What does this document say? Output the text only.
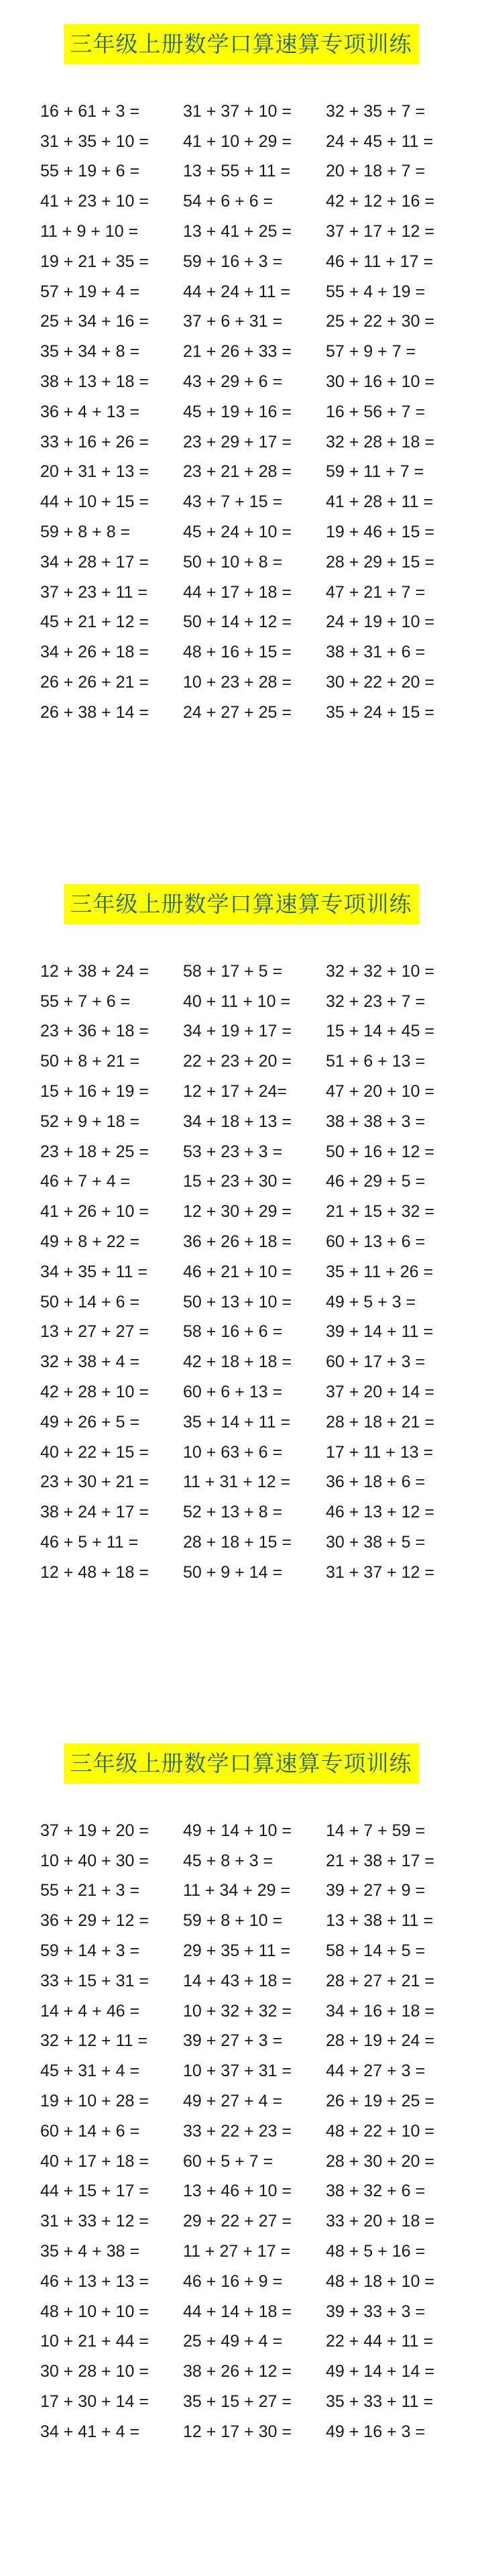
三年级上册数学口算速算专项训练
16 + 61 + 3 =	31 + 37 + 10 =	32 + 35 + 7 =
31 + 35 + 10 =	41 + 10 + 29 =	24 + 45 + 11 =
55 + 19 + 6 =	13 + 55 + 11 =	20 + 18 + 7 =
41 + 23 + 10 =	54 + 6 + 6 =	42 + 12 + 16 =
11 + 9 + 10 =	13 + 41 + 25 =	37 + 17 + 12 =
19 + 21 + 35 =	59 + 16 + 3 =	46 + 11 + 17 =
57 + 19 + 4 =	44 + 24 + 11 =	55 + 4 + 19 =
25 + 34 + 16 =	37 + 6 + 31 =	25 + 22 + 30 =
35 + 34 + 8 =	21 + 26 + 33 =	57 + 9 + 7 =
38 + 13 + 18 =	43 + 29 + 6 =	30 + 16 + 10 =
36 + 4 + 13 =	45 + 19 + 16 =	16 + 56 + 7 =
33 + 16 + 26 =	23 + 29 + 17 =	32 + 28 + 18 =
20 + 31 + 13 =	23 + 21 + 28 =	59 + 11 + 7 =
44 + 10 + 15 =	43 + 7 + 15 =	41 + 28 + 11 =
59 + 8 + 8 =	45 + 24 + 10 =	19 + 46 + 15 =
34 + 28 + 17 =	50 + 10 + 8 =	28 + 29 + 15 =
37 + 23 + 11 =	44 + 17 + 18 =	47 + 21 + 7 =
45 + 21 + 12 =	50 + 14 + 12 =	24 + 19 + 10 =
34 + 26 + 18 =	48 + 16 + 15 =	38 + 31 + 6 =
26 + 26 + 21 =	10 + 23 + 28 =	30 + 22 + 20 =
26 + 38 + 14 =	24 + 27 + 25 =	35 + 24 + 15 =
三年级上册数学口算速算专项训练
12 + 38 + 24 =	58 + 17 + 5 =	32 + 32 + 10 =
55 + 7 + 6 =	40 + 11 + 10 =	32 + 23 + 7 =
23 + 36 + 18 =	34 + 19 + 17 =	15 + 14 + 45 =
50 + 8 + 21 =	22 + 23 + 20 =	51 + 6 + 13 =
15 + 16 + 19 =	12 + 17 + 24=	47 + 20 + 10 =
52 + 9 + 18 =	34 + 18 + 13 =	38 + 38 + 3 =
23 + 18 + 25 =	53 + 23 + 3 =	50 + 16 + 12 =
46 + 7 + 4 =	15 + 23 + 30 =	46 + 29 + 5 =
41 + 26 + 10 =	12 + 30 + 29 =	21 + 15 + 32 =
49 + 8 + 22 =	36 + 26 + 18 =	60 + 13 + 6 =
34 + 35 + 11 =	46 + 21 + 10 =	35 + 11 + 26 =
50 + 14 + 6 =	50 + 13 + 10 =	49 + 5 + 3 =
13 + 27 + 27 =	58 + 16 + 6 =	39 + 14 + 11 =
32 + 38 + 4 =	42 + 18 + 18 =	60 + 17 + 3 =
42 + 28 + 10 =	60 + 6 + 13 =	37 + 20 + 14 =
49 + 26 + 5 =	35 + 14 + 11 =	28 + 18 + 21 =
40 + 22 + 15 =	10 + 63 + 6 =	17 + 11 + 13 =
23 + 30 + 21 =	11 + 31 + 12 =	36 + 18 + 6 =
38 + 24 + 17 =	52 + 13 + 8 =	46 + 13 + 12 =
46 + 5 + 11 =	28 + 18 + 15 =	30 + 38 + 5 =
12 + 48 + 18 =	50 + 9 + 14 =	31 + 37 + 12 =
三年级上册数学口算速算专项训练
37 + 19 + 20 =	49 + 14 + 10 =	14 + 7 + 59 =
10 + 40 + 30 =	45 + 8 + 3 =	21 + 38 + 17 =
55 + 21 + 3 =	11 + 34 + 29 =	39 + 27 + 9 =
36 + 29 + 12 =	59 + 8 + 10 =	13 + 38 + 11 =
59 + 14 + 3 =	29 + 35 + 11 =	58 + 14 + 5 =
33 + 15 + 31 =	14 + 43 + 18 =	28 + 27 + 21 =
14 + 4 + 46 =	10 + 32 + 32 =	34 + 16 + 18 =
32 + 12 + 11 =	39 + 27 + 3 =	28 + 19 + 24 =
45 + 31 + 4 =	10 + 37 + 31 =	44 + 27 + 3 =
19 + 10 + 28 =	49 + 27 + 4 =	26 + 19 + 25 =
60 + 14 + 6 =	33 + 22 + 23 =	48 + 22 + 10 =
40 + 17 + 18 =	60 + 5 + 7 =	28 + 30 + 20 =
44 + 15 + 17 =	13 + 46 + 10 =	38 + 32 + 6 =
31 + 33 + 12 =	29 + 22 + 27 =	33 + 20 + 18 =
35 + 4 + 38 =	11 + 27 + 17 =	48 + 5 + 16 =
46 + 13 + 13 =	46 + 16 + 9 =	48 + 18 + 10 =
48 + 10 + 10 =	44 + 14 + 18 =	39 + 33 + 3 =
10 + 21 + 44 =	25 + 49 + 4 =	22 + 44 + 11 =
30 + 28 + 10 =	38 + 26 + 12 =	49 + 14 + 14 =
17 + 30 + 14 =	35 + 15 + 27 =	35 + 33 + 11 =
34 + 41 + 4 =	12 + 17 + 30 =	49 + 16 + 3 =
